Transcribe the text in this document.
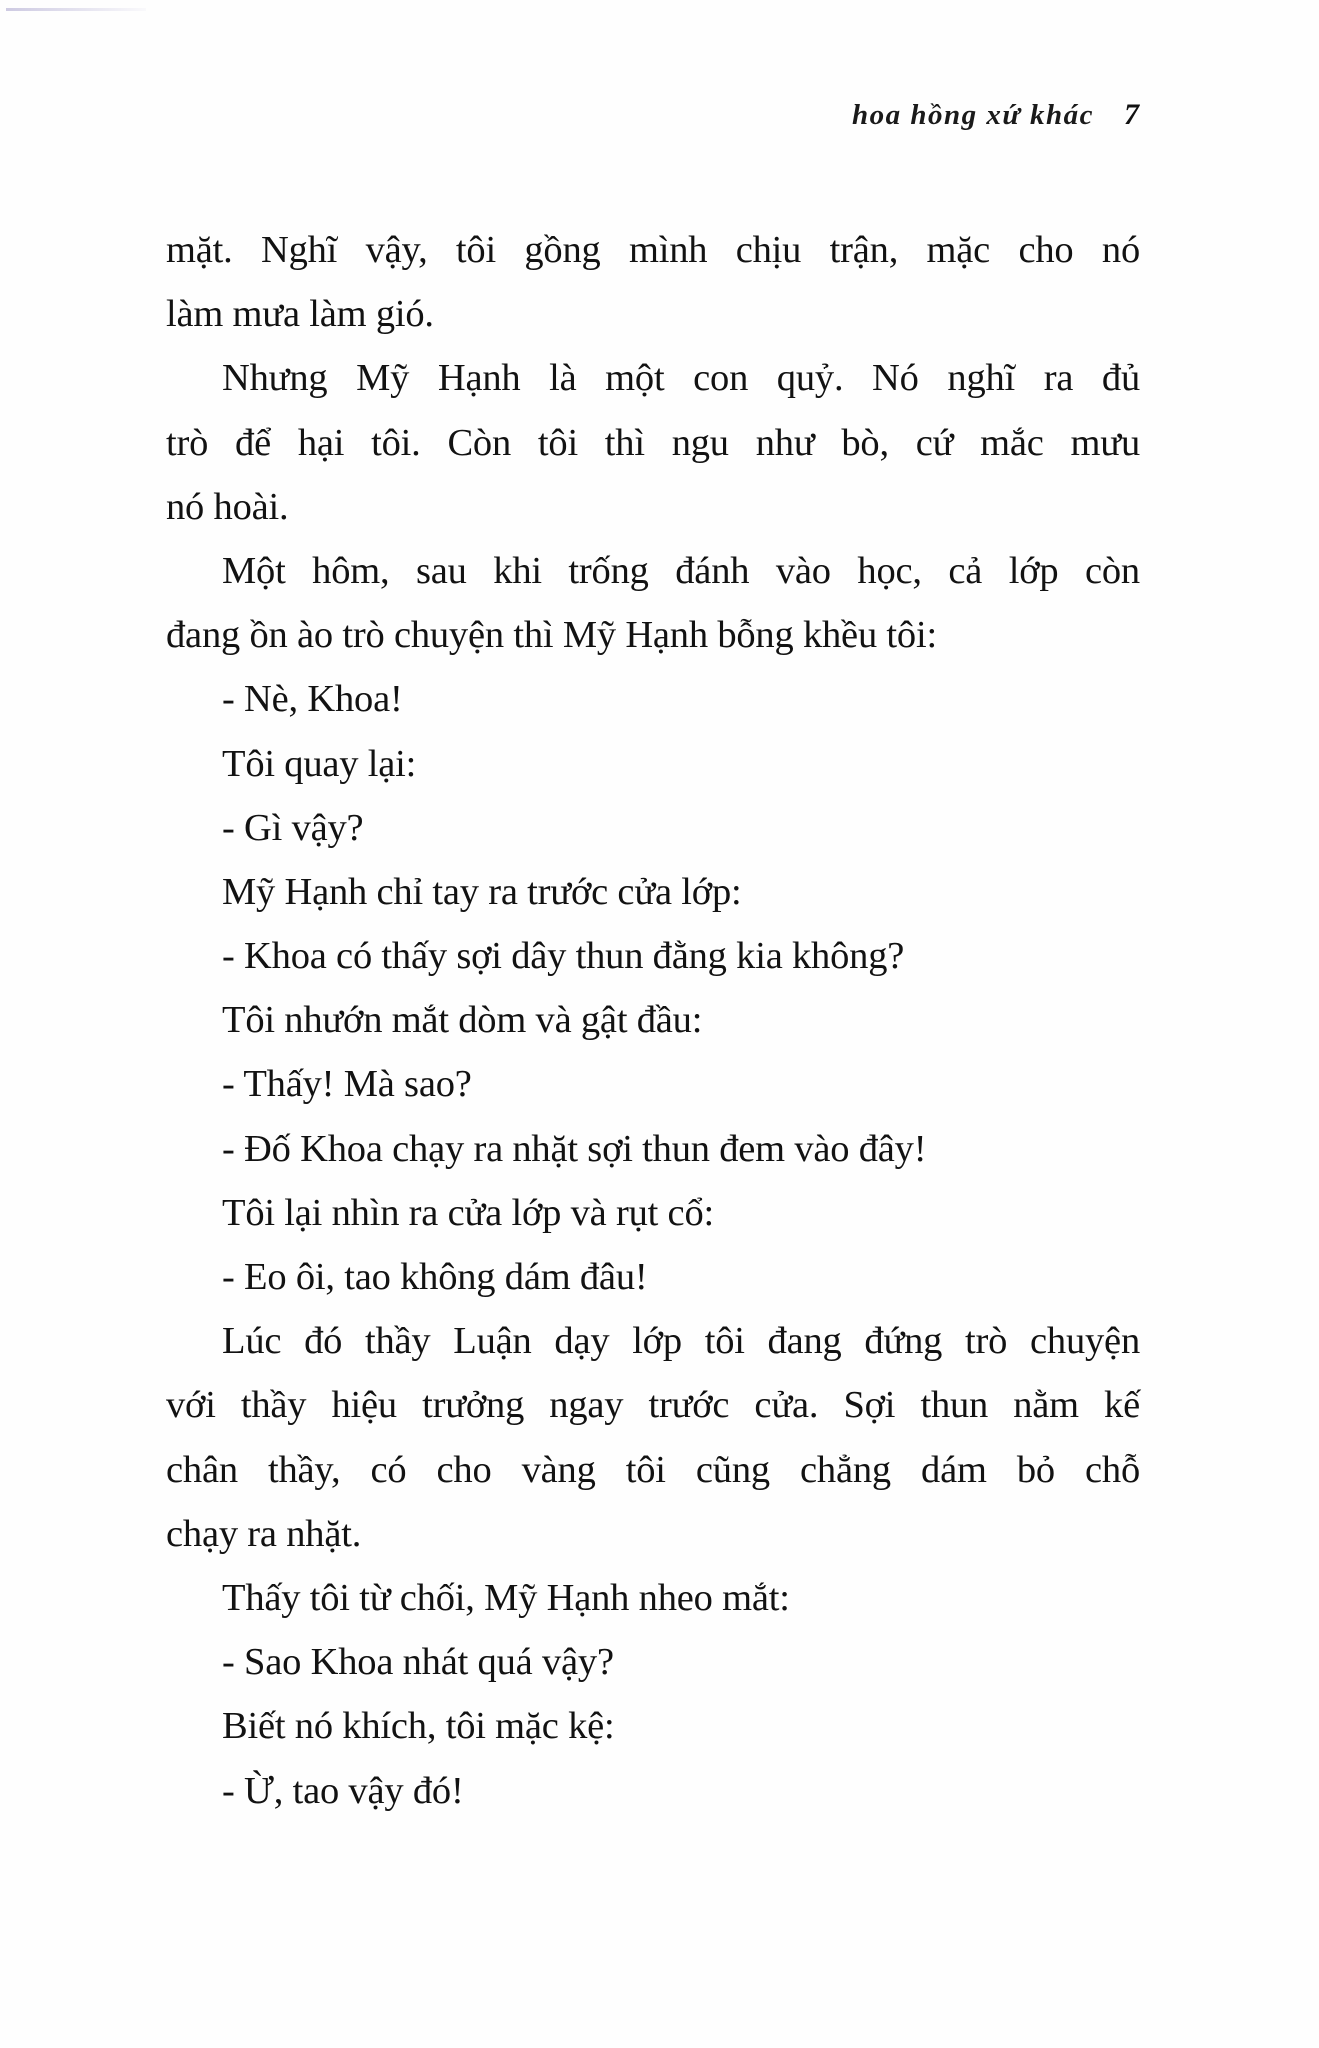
hoa hồng xứ khác 7
mặt. Nghĩ vậy, tôi gồng mình chịu trận, mặc cho nó
làm mưa làm gió.
Nhưng Mỹ Hạnh là một con quỷ. Nó nghĩ ra đủ
trò để hại tôi. Còn tôi thì ngu như bò, cứ mắc mưu
nó hoài.
Một hôm, sau khi trống đánh vào học, cả lớp còn
đang ồn ào trò chuyện thì Mỹ Hạnh bỗng khều tôi:
- Nè, Khoa!
Tôi quay lại:
- Gì vậy?
Mỹ Hạnh chỉ tay ra trước cửa lớp:
- Khoa có thấy sợi dây thun đằng kia không?
Tôi nhướn mắt dòm và gật đầu:
- Thấy! Mà sao?
- Đố Khoa chạy ra nhặt sợi thun đem vào đây!
Tôi lại nhìn ra cửa lớp và rụt cổ:
- Eo ôi, tao không dám đâu!
Lúc đó thầy Luận dạy lớp tôi đang đứng trò chuyện
với thầy hiệu trưởng ngay trước cửa. Sợi thun nằm kế
chân thầy, có cho vàng tôi cũng chẳng dám bỏ chỗ
chạy ra nhặt.
Thấy tôi từ chối, Mỹ Hạnh nheo mắt:
- Sao Khoa nhát quá vậy?
Biết nó khích, tôi mặc kệ:
- Ừ, tao vậy đó!
